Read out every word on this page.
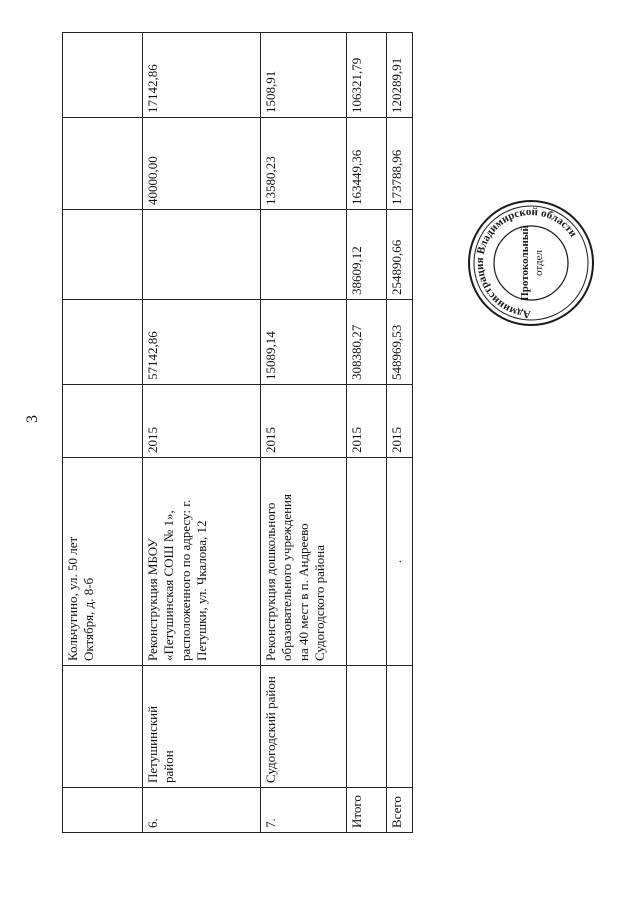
3
		Кольчугино, ул. 50 лет
Октября, д. 8-б					
6.	Петушинский
район	Реконструкция МБОУ
«Петушинская СОШ № 1»,
расположенного по адресу: г.
Петушки, ул. Чкалова, 12	2015	57142,86		40000,00	17142,86
7.	Судогодский район	Реконструкция дошкольного
образовательного учреждения
на 40 мест в п. Андреево
Судогодского района	2015	15089,14		13580,23	1508,91
Итого			2015	308380,27	38609,12	163449,36	106321,79
Всего		.	2015	548969,53	254890,66	173788,96	120289,91
Администрация Владимирской области
Протокольный отдел
